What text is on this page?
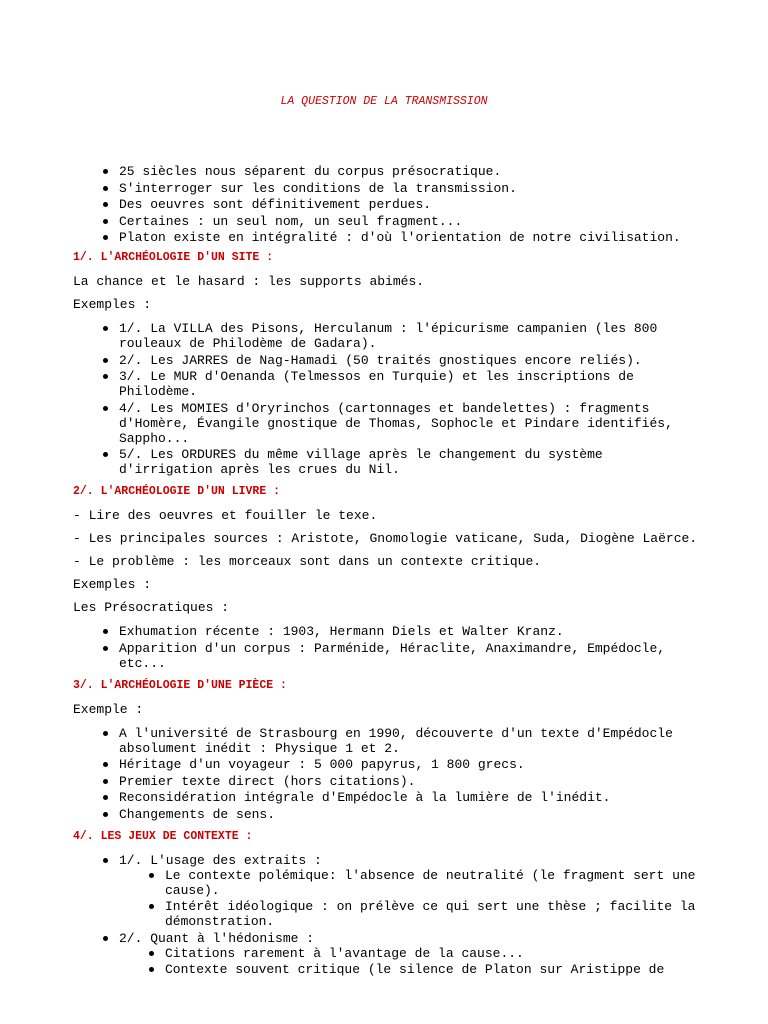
LA QUESTION DE LA TRANSMISSION
25 siècles nous séparent du corpus présocratique.
S'interroger sur les conditions de la transmission.
Des oeuvres sont définitivement perdues.
Certaines : un seul nom, un seul fragment...
Platon existe en intégralité : d'où l'orientation de notre civilisation.
1/. L'ARCHÉOLOGIE D'UN SITE :
La chance et le hasard : les supports abimés.
Exemples :
1/. La VILLA des Pisons, Herculanum : l'épicurisme campanien (les 800 rouleaux de Philodème de Gadara).
2/. Les JARRES de Nag-Hamadi (50 traités gnostiques encore reliés).
3/. Le MUR d'Oenanda (Telmessos en Turquie) et les inscriptions de Philodème.
4/. Les MOMIES d'Oryrinchos (cartonnages et bandelettes) : fragments d'Homère, Évangile gnostique de Thomas, Sophocle et Pindare identifiés, Sappho...
5/. Les ORDURES du même village après le changement du système d'irrigation après les crues du Nil.
2/. L'ARCHÉOLOGIE D'UN LIVRE :
- Lire des oeuvres et fouiller le texe.
- Les principales sources : Aristote, Gnomologie vaticane, Suda, Diogène Laërce.
- Le problème : les morceaux sont dans un contexte critique.
Exemples :
Les Présocratiques :
Exhumation récente : 1903, Hermann Diels et Walter Kranz.
Apparition d'un corpus : Parménide, Héraclite, Anaximandre, Empédocle, etc...
3/. L'ARCHÉOLOGIE D'UNE PIÈCE :
Exemple :
A l'université de Strasbourg en 1990, découverte d'un texte d'Empédocle absolument inédit : Physique 1 et 2.
Héritage d'un voyageur : 5 000 papyrus, 1 800 grecs.
Premier texte direct (hors citations).
Reconsidération intégrale d'Empédocle à la lumière de l'inédit.
Changements de sens.
4/. LES JEUX DE CONTEXTE :
1/. L'usage des extraits :
Le contexte polémique: l'absence de neutralité (le fragment sert une cause).
Intérêt idéologique : on prélève ce qui sert une thèse ; facilite la démonstration.
2/. Quant à l'hédonisme :
Citations rarement à l'avantage de la cause...
Contexte souvent critique (le silence de Platon sur Aristippe de
